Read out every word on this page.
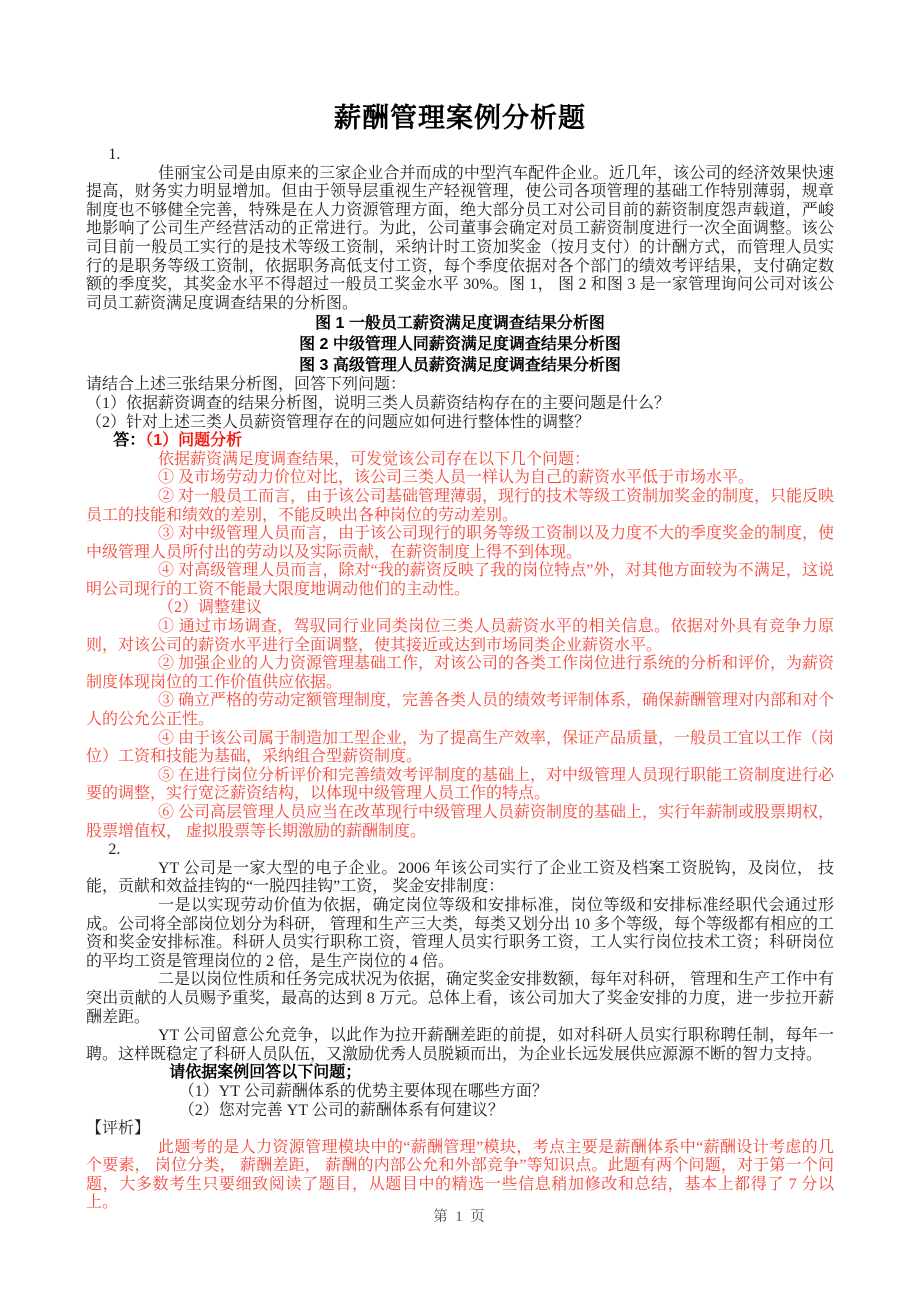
薪酬管理案例分析题

1.

佳丽宝公司是由原来的三家企业合并而成的中型汽车配件企业。近几年，该公司的经济效果快速提高，财务实力明显增加。但由于领导层重视生产轻视管理，使公司各项管理的基础工作特别薄弱，规章制度也不够健全完善，特殊是在人力资源管理方面，绝大部分员工对公司目前的薪资制度怨声载道，严峻地影响了公司生产经营活动的正常进行。为此，公司董事会确定对员工薪资制度进行一次全面调整。该公司目前一般员工实行的是技术等级工资制，采纳计时工资加奖金（按月支付）的计酬方式，而管理人员实行的是职务等级工资制，依据职务高低支付工资，每个季度依据对各个部门的绩效考评结果，支付确定数额的季度奖，其奖金水平不得超过一般员工奖金水平 30%。图 1， 图 2 和图 3 是一家管理询问公司对该公司员工薪资满足度调查结果的分析图。

图 1 一般员工薪资满足度调查结果分析图

图 2 中级管理人同薪资满足度调查结果分析图

图 3 高级管理人员薪资满足度调查结果分析图

请结合上述三张结果分析图，回答下列问题：

（1）依据薪资调查的结果分析图，说明三类人员薪资结构存在的主要问题是什么？

（2）针对上述三类人员薪资管理存在的问题应如何进行整体性的调整？

答：（1）问题分析

依据薪资满足度调查结果，可发觉该公司存在以下几个问题：

① 及市场劳动力价位对比，该公司三类人员一样认为自己的薪资水平低于市场水平。

② 对一般员工而言，由于该公司基础管理薄弱，现行的技术等级工资制加奖金的制度，只能反映员工的技能和绩效的差别，不能反映出各种岗位的劳动差别。

③ 对中级管理人员而言，由于该公司现行的职务等级工资制以及力度不大的季度奖金的制度，使中级管理人员所付出的劳动以及实际贡献，在薪资制度上得不到体现。

④ 对高级管理人员而言，除对“我的薪资反映了我的岗位特点”外，对其他方面较为不满足，这说明公司现行的工资不能最大限度地调动他们的主动性。

（2）调整建议

① 通过市场调查，驾驭同行业同类岗位三类人员薪资水平的相关信息。依据对外具有竞争力原则，对该公司的薪资水平进行全面调整，使其接近或达到市场同类企业薪资水平。

② 加强企业的人力资源管理基础工作，对该公司的各类工作岗位进行系统的分析和评价，为薪资制度体现岗位的工作价值供应依据。

③ 确立严格的劳动定额管理制度，完善各类人员的绩效考评制体系，确保薪酬管理对内部和对个人的公允公正性。

④ 由于该公司属于制造加工型企业，为了提高生产效率，保证产品质量，一般员工宜以工作（岗位）工资和技能为基础，采纳组合型薪资制度。

⑤ 在进行岗位分析评价和完善绩效考评制度的基础上，对中级管理人员现行职能工资制度进行必要的调整，实行宽泛薪资结构，以体现中级管理人员工作的特点。

⑥ 公司高层管理人员应当在改革现行中级管理人员薪资制度的基础上，实行年薪制或股票期权，股票增值权， 虚拟股票等长期激励的薪酬制度。

2.

YT 公司是一家大型的电子企业。2006 年该公司实行了企业工资及档案工资脱钩，及岗位， 技能，贡献和效益挂钩的“一脱四挂钩”工资， 奖金安排制度：

一是以实现劳动价值为依据，确定岗位等级和安排标准，岗位等级和安排标准经职代会通过形成。公司将全部岗位划分为科研， 管理和生产三大类，每类又划分出 10 多个等级，每个等级都有相应的工资和奖金安排标准。科研人员实行职称工资，管理人员实行职务工资，工人实行岗位技术工资；科研岗位的平均工资是管理岗位的 2 倍，是生产岗位的 4 倍。

二是以岗位性质和任务完成状况为依据，确定奖金安排数额，每年对科研， 管理和生产工作中有突出贡献的人员赐予重奖，最高的达到 8 万元。总体上看，该公司加大了奖金安排的力度，进一步拉开薪酬差距。

YT 公司留意公允竞争，以此作为拉开薪酬差距的前提，如对科研人员实行职称聘任制，每年一聘。这样既稳定了科研人员队伍，又激励优秀人员脱颖而出，为企业长远发展供应源源不断的智力支持。

请依据案例回答以下问题；

（1）YT 公司薪酬体系的优势主要体现在哪些方面？

（2）您对完善 YT 公司的薪酬体系有何建议？

【评析】

此题考的是人力资源管理模块中的“薪酬管理”模块，考点主要是薪酬体系中“薪酬设计考虑的几个要素， 岗位分类， 薪酬差距， 薪酬的内部公允和外部竞争”等知识点。此题有两个问题，对于第一个问题，大多数考生只要细致阅读了题目，从题目中的精选一些信息稍加修改和总结，基本上都得了 7 分以上。

第 1 页
